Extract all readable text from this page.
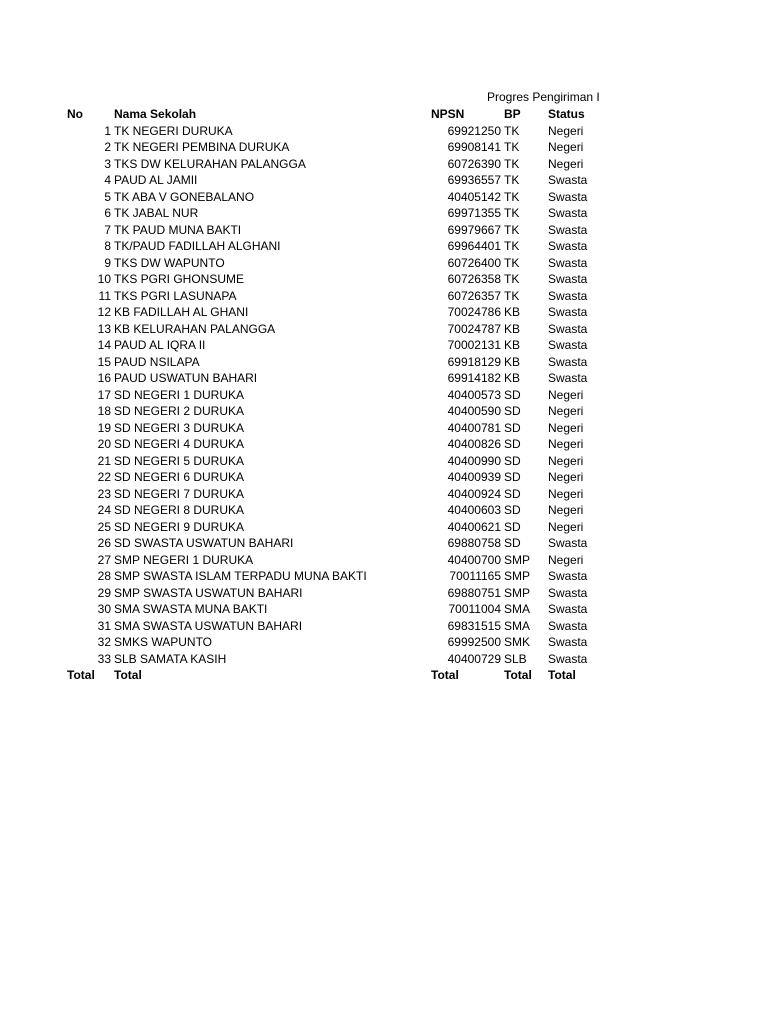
Progres Pengiriman I
No	Nama Sekolah	NPSN	BP Status
1 TK NEGERI DURUKA	69921250 TK Negeri
2 TK NEGERI PEMBINA DURUKA	69908141 TK Negeri
3 TKS DW KELURAHAN PALANGGA	60726390 TK Negeri
4 PAUD AL JAMII	69936557 TK Swasta
5 TK ABA V GONEBALANO	40405142 TK Swasta
6 TK JABAL NUR	69971355 TK Swasta
7 TK PAUD MUNA BAKTI	69979667 TK Swasta
8 TK/PAUD FADILLAH ALGHANI	69964401 TK Swasta
9 TKS DW WAPUNTO	60726400 TK Swasta
10 TKS PGRI GHONSUME	60726358 TK Swasta
11 TKS PGRI LASUNAPA	60726357 TK Swasta
12 KB FADILLAH AL GHANI	70024786 KB Swasta
13 KB KELURAHAN PALANGGA	70024787 KB Swasta
14 PAUD AL IQRA II	70002131 KB Swasta
15 PAUD NSILAPA	69918129 KB Swasta
16 PAUD USWATUN BAHARI	69914182 KB Swasta
17 SD NEGERI 1 DURUKA	40400573 SD Negeri
18 SD NEGERI 2 DURUKA	40400590 SD Negeri
19 SD NEGERI 3 DURUKA	40400781 SD Negeri
20 SD NEGERI 4 DURUKA	40400826 SD Negeri
21 SD NEGERI 5 DURUKA	40400990 SD Negeri
22 SD NEGERI 6 DURUKA	40400939 SD Negeri
23 SD NEGERI 7 DURUKA	40400924 SD Negeri
24 SD NEGERI 8 DURUKA	40400603 SD Negeri
25 SD NEGERI 9 DURUKA	40400621 SD Negeri
26 SD SWASTA USWATUN BAHARI	69880758 SD Swasta
27 SMP NEGERI 1 DURUKA	40400700 SMP Negeri
28 SMP SWASTA ISLAM TERPADU MUNA BAKTI	70011165 SMP Swasta
29 SMP SWASTA USWATUN BAHARI	69880751 SMP Swasta
30 SMA SWASTA MUNA BAKTI	70011004 SMA Swasta
31 SMA SWASTA USWATUN BAHARI	69831515 SMA Swasta
32 SMKS WAPUNTO	69992500 SMK Swasta
33 SLB SAMATA KASIH	40400729 SLB Swasta
Total Total	Total	Total Total
